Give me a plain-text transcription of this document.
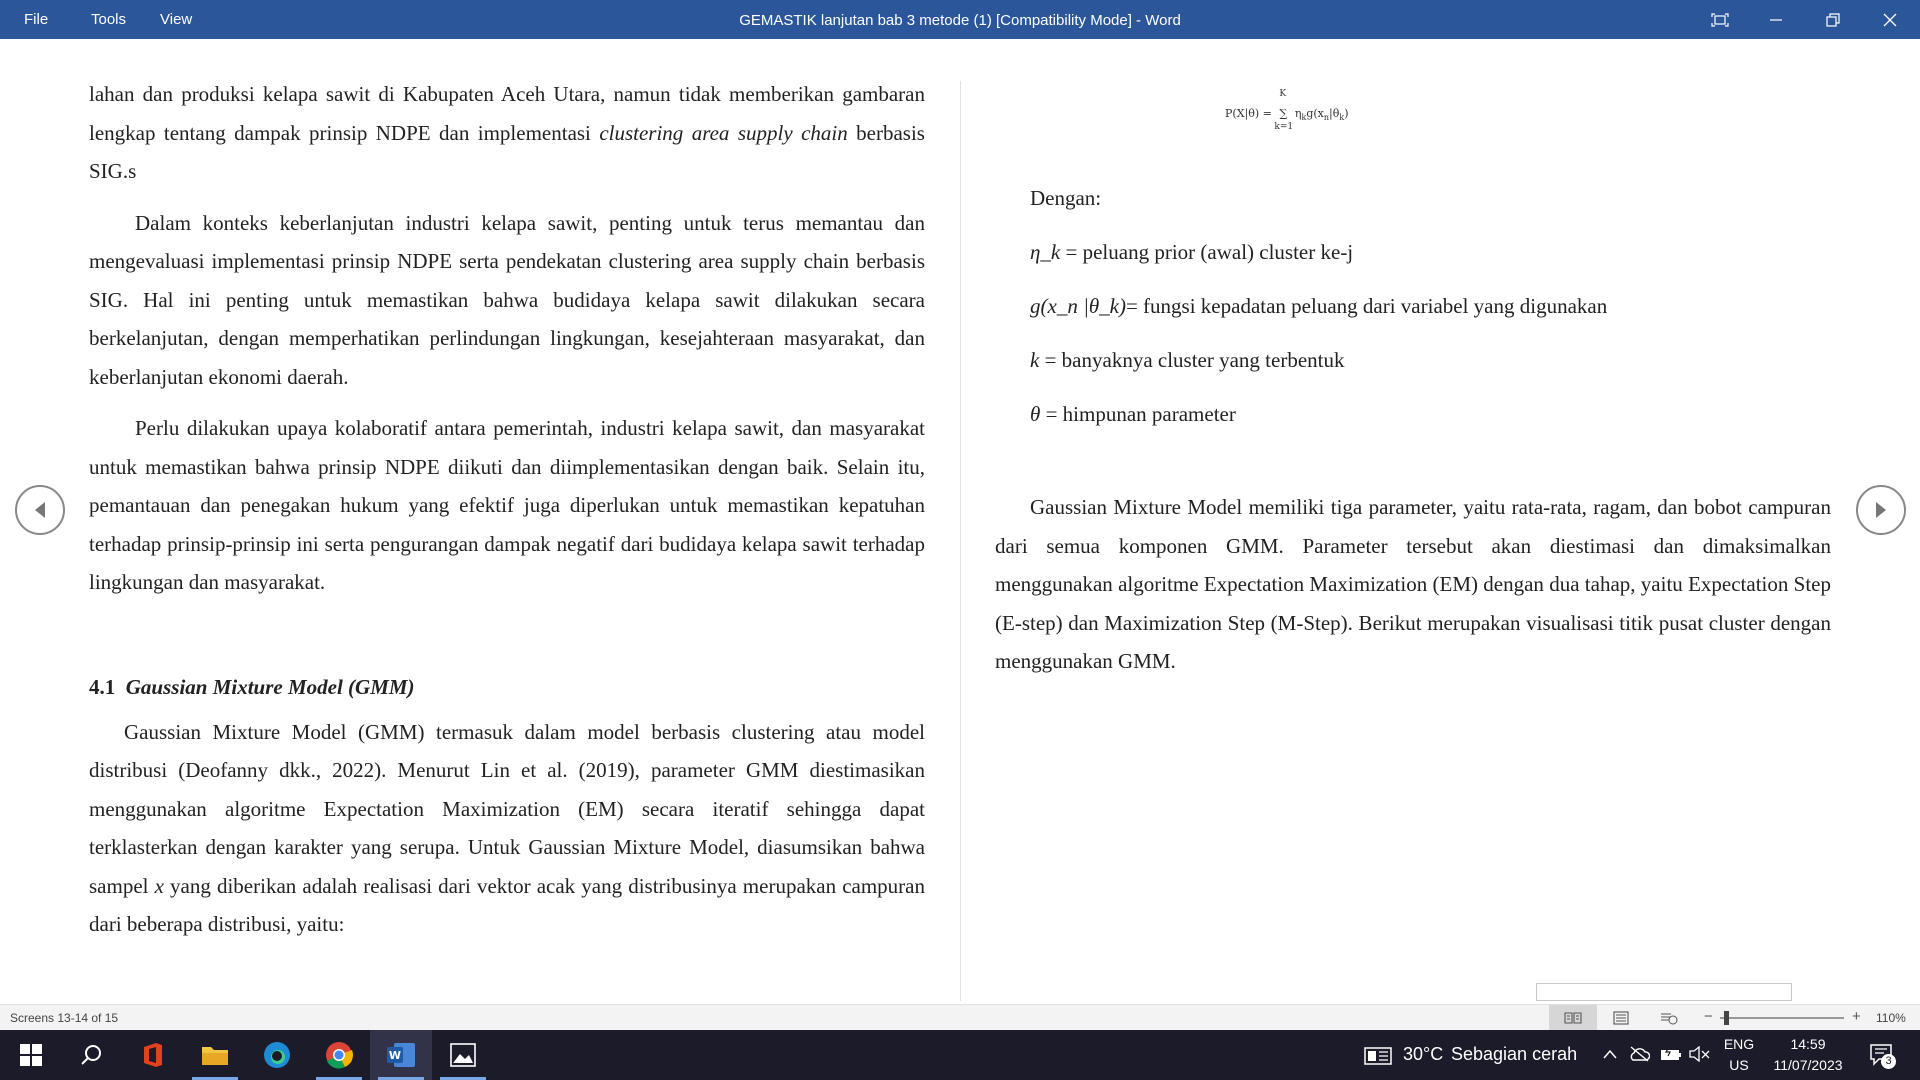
File	Tools View	GEMASTIK lanjutan bab 3 metode (1) [Compatibility Mode] - Word

lahan dan produksi kelapa sawit di Kabupaten Aceh Utara, namun tidak memberikan gambaran lengkap tentang dampak prinsip NDPE dan implementasi clustering area supply chain berbasis SIG.s

Dalam konteks keberlanjutan industri kelapa sawit, penting untuk terus memantau dan mengevaluasi implementasi prinsip NDPE serta pendekatan clustering area supply chain berbasis SIG. Hal ini penting untuk memastikan bahwa budidaya kelapa sawit dilakukan secara berkelanjutan, dengan memperhatikan perlindungan lingkungan, kesejahteraan masyarakat, dan keberlanjutan ekonomi daerah.

Perlu dilakukan upaya kolaboratif antara pemerintah, industri kelapa sawit, dan masyarakat untuk memastikan bahwa prinsip NDPE diikuti dan diimplementasikan dengan baik. Selain itu, pemantauan dan penegakan hukum yang efektif juga diperlukan untuk memastikan kepatuhan terhadap prinsip-prinsip ini serta pengurangan dampak negatif dari budidaya kelapa sawit terhadap lingkungan dan masyarakat.

4.1 Gaussian Mixture Model (GMM)

Gaussian Mixture Model (GMM) termasuk dalam model berbasis clustering atau model distribusi (Deofanny dkk., 2022). Menurut Lin et al. (2019), parameter GMM diestimasikan menggunakan algoritme Expectation Maximization (EM) secara iteratif sehingga dapat terklasterkan dengan karakter yang serupa. Untuk Gaussian Mixture Model, diasumsikan bahwa sampel x yang diberikan adalah realisasi dari vektor acak yang distribusinya merupakan campuran dari beberapa distribusi, yaitu:

P(X|θ) =
K
∑
k=1
$\eta_kg(x_n|\theta_k)$
Dengan:
η_k = peluang prior (awal) cluster ke-j
g(x_n |θ_k)= fungsi kepadatan peluang dari variabel yang digunakan
k = banyaknya cluster yang terbentuk
θ = himpunan parameter

Gaussian Mixture Model memiliki tiga parameter, yaitu rata-rata, ragam, dan bobot campuran dari semua komponen GMM. Parameter tersebut akan diestimasi dan dimaksimalkan menggunakan algoritme Expectation Maximization (EM) dengan dua tahap, yaitu Expectation Step (E-step) dan Maximization Step (M-Step). Berikut merupakan visualisasi titik pusat cluster dengan menggunakan GMM.

Screens 13-14 of 15	−	+ 110%
W	30°C Sebagian cerah	ENG
US
14:59
11/07/2023	3
